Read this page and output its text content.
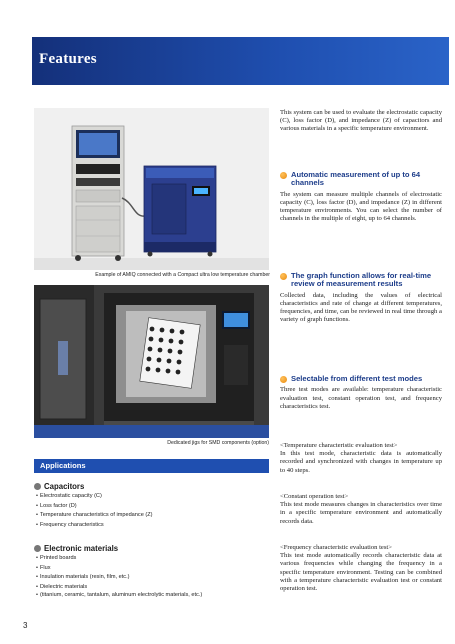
Features
Example of AMIQ connected with a Compact ultra low temperature chamber
Dedicated jigs for SMD components (option)

This system can be used to evaluate the electrostatic capacity (C), loss factor (D), and impedance (Z) of capacitors and various materials in a specific temperature environment.

Automatic measurement of up to 64 channels

The system can measure multiple channels of electrostatic capacity (C), loss factor (D), and impedance (Z) in different temperature environments. You can select the number of channels in the multiple of eight, up to 64 channels.

The graph function allows for real-time review of measurement results

Collected data, including the values of electrical characteristics and rate of change at different temperatures, frequencies, and time, can be reviewed in real time through a variety of graph functions.

Selectable from different test modes

Three test modes are available: temperature characteristic evaluation test, constant operation test, and frequency characteristics test.

<Temperature characteristic evaluation test>

In this test mode, characteristic data is automatically recorded and synchronized with changes in temperature up to 40 steps.

<Constant operation test>

This test mode measures changes in characteristics over time in a specific temperature environment and automatically records data.

<Frequency characteristic evaluation test>

This test mode automatically records characteristic data at various frequencies while changing the frequency in a specific temperature environment. Testing can be combined with a temperature characteristic evaluation test or constant operation test.

Applications
Capacitors
• Electrostatic capacity (C)
• Loss factor (D)
• Temperature characteristics of impedance (Z)
• Frequency characteristics
Electronic materials
• Printed boards
• Flux
• Insulation materials (resin, film, etc.)
• Dielectric materials
• (titanium, ceramic, tantalum, aluminum electrolytic materials, etc.)
3
